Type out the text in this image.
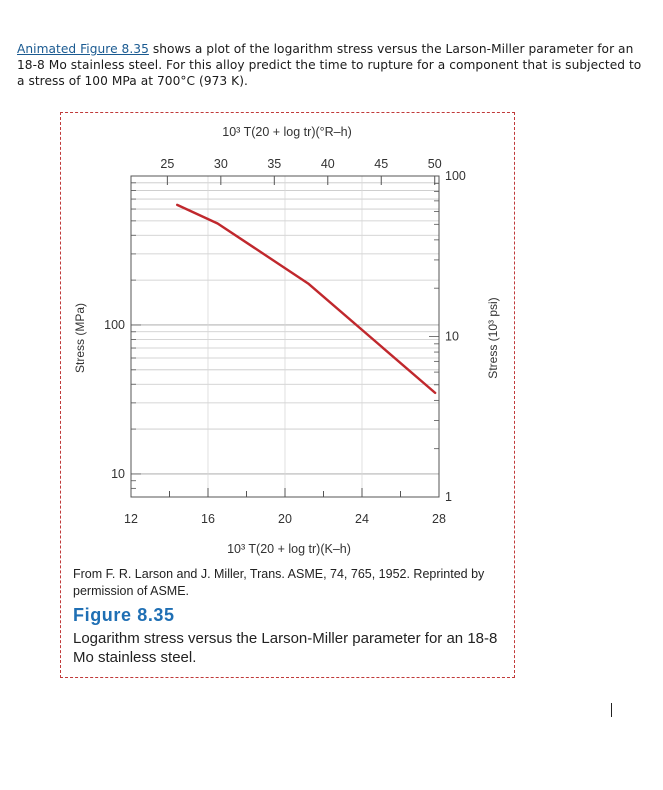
Animated Figure 8.35 shows a plot of the logarithm stress versus the Larson-Miller parameter for an 18-8 Mo stainless steel. For this alloy predict the time to rupture for a component that is subjected to a stress of 100 MPa at 700°C (973 K).

12	16	20	24	28
25	30	35	40	45	50
10
100
1
10
100
10³ T(20 + log tr)(°R–h)
10³ T(20 + log tr)(K–h)
Stress (MPa)	Stress (10³ psi)
From F. R. Larson and J. Miller, Trans. ASME, 74, 765, 1952. Reprinted by permission of ASME.
Figure 8.35
Logarithm stress versus the Larson-Miller parameter for an 18-8 Mo stainless steel.
